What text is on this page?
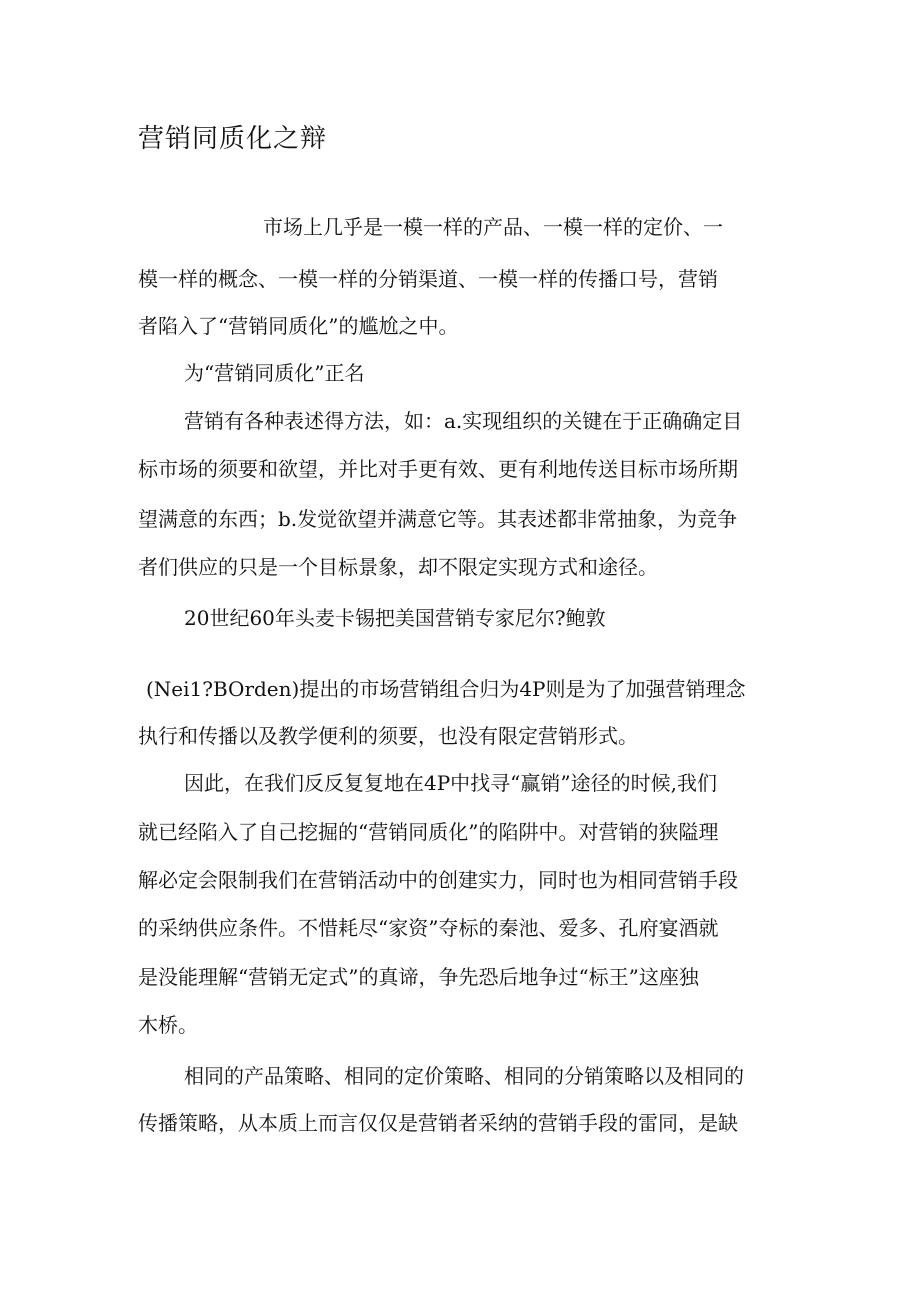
营销同质化之辩
市场上几乎是一模一样的产品、一模一样的定价、一
模一样的概念、一模一样的分销渠道、一模一样的传播口号，营销
者陷入了“营销同质化”的尴尬之中。
为“营销同质化”正名
营销有各种表述得方法，如：a.实现组织的关键在于正确确定目
标市场的须要和欲望，并比对手更有效、更有利地传送目标市场所期
望满意的东西；b.发觉欲望并满意它等。其表述都非常抽象，为竞争
者们供应的只是一个目标景象，却不限定实现方式和途径。
20世纪60年头麦卡锡把美国营销专家尼尔?鲍敦
(Nei1?BOrden)提出的市场营销组合归为4P则是为了加强营销理念
执行和传播以及教学便利的须要，也没有限定营销形式。
因此，在我们反反复复地在4P中找寻“赢销”途径的时候,我们
就已经陷入了自己挖掘的“营销同质化”的陷阱中。对营销的狭隘理
解必定会限制我们在营销活动中的创建实力，同时也为相同营销手段
的采纳供应条件。不惜耗尽“家资”夺标的秦池、爱多、孔府宴酒就
是没能理解“营销无定式”的真谛，争先恐后地争过“标王”这座独
木桥。
相同的产品策略、相同的定价策略、相同的分销策略以及相同的
传播策略，从本质上而言仅仅是营销者采纳的营销手段的雷同，是缺
